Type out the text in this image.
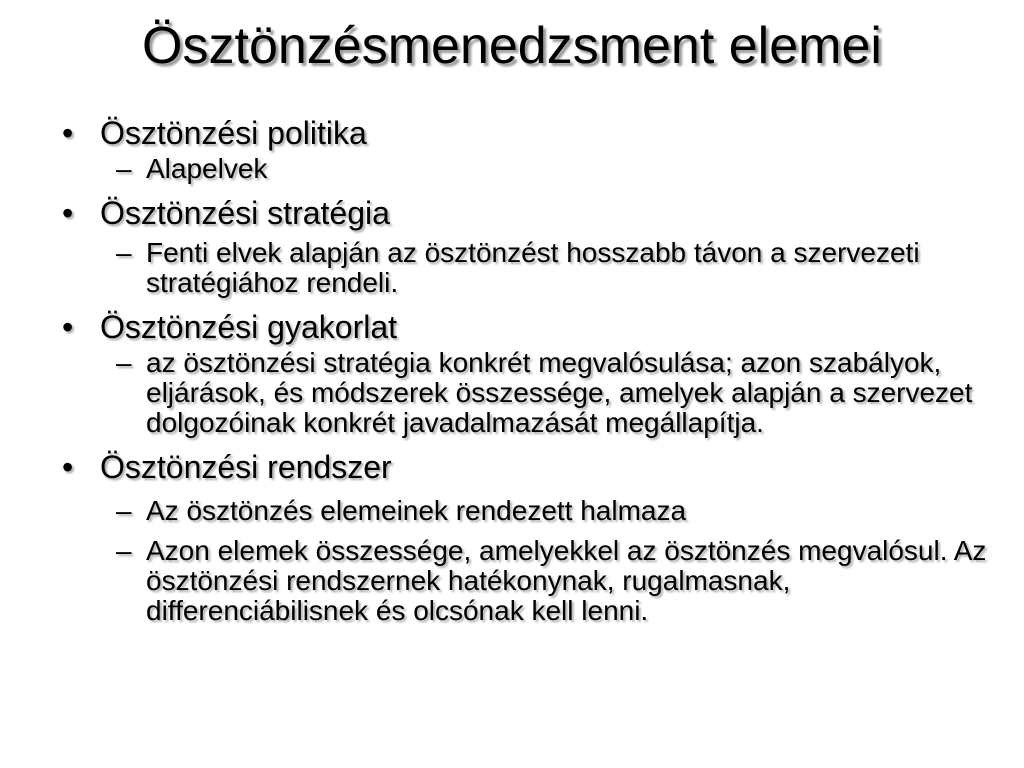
Ösztönzésmenedzsment elemei
• Ösztönzési politika
– Alapelvek
• Ösztönzési stratégia
– Fenti elvek alapján az ösztönzést hosszabb távon a szervezeti stratégiához rendeli.
• Ösztönzési gyakorlat
– az ösztönzési stratégia konkrét megvalósulása; azon szabályok, eljárások, és módszerek összessége, amelyek alapján a szervezet dolgozóinak konkrét javadalmazását megállapítja.
• Ösztönzési rendszer
– Az ösztönzés elemeinek rendezett halmaza
– Azon elemek összessége, amelyekkel az ösztönzés megvalósul. Az ösztönzési rendszernek hatékonynak, rugalmasnak, differenciábilisnek és olcsónak kell lenni.
